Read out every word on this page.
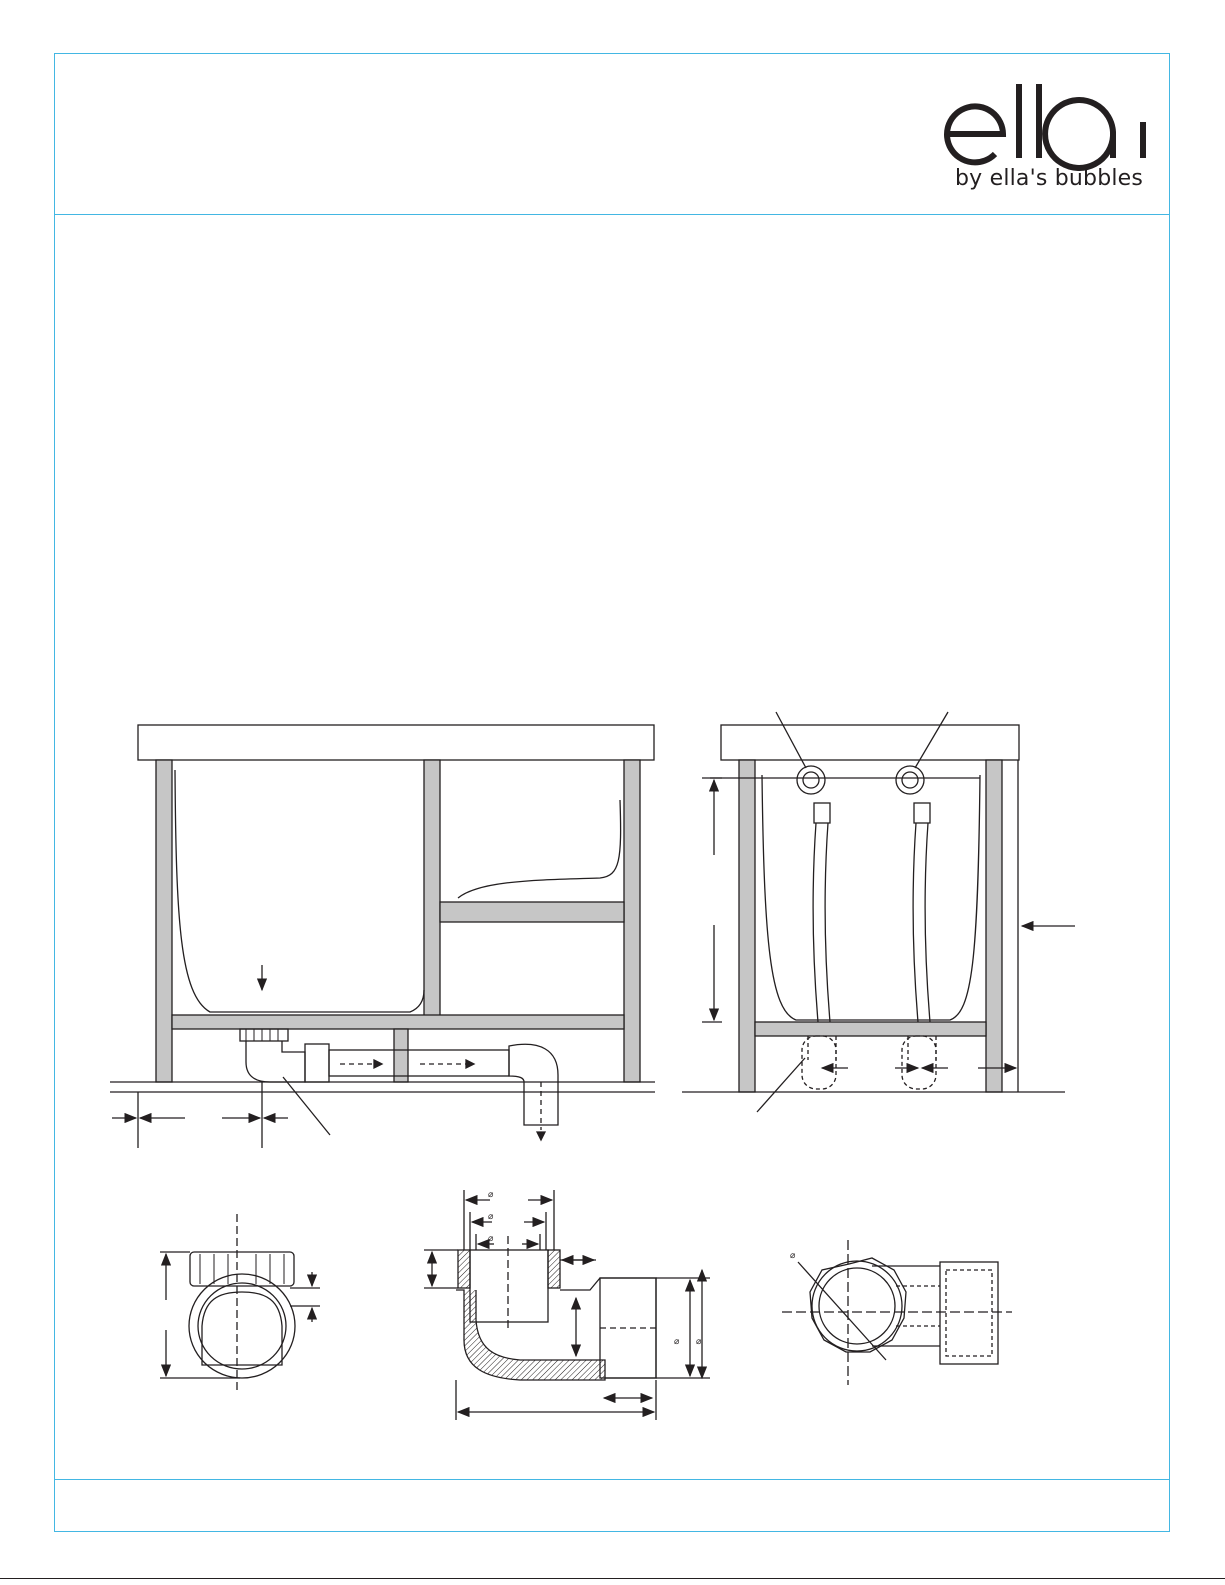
by ella's bubbles
⌀
⌀
⌀
⌀ ⌀
⌀
